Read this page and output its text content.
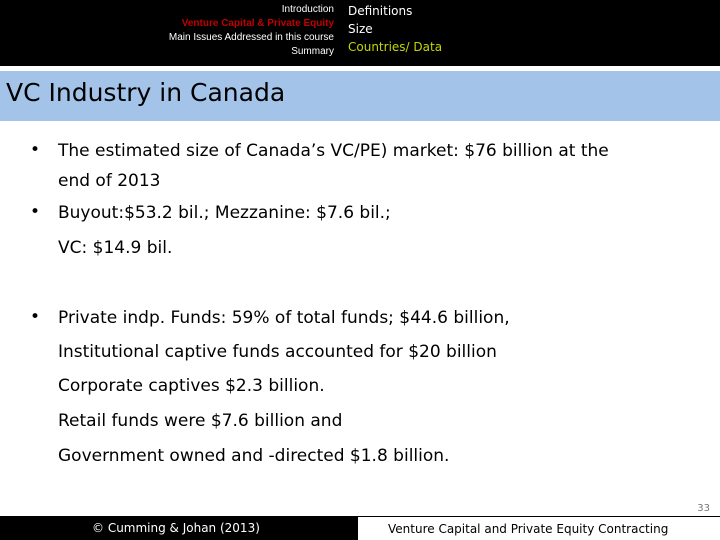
Introduction
Venture Capital & Private Equity
Main Issues Addressed in this course
Summary
Definitions
Size
Countries/ Data
VC Industry in Canada
• The estimated size of Canada’s VC/PE) market: $76 billion at the
end of 2013
• Buyout:$53.2 bil.; Mezzanine: $7.6 bil.;
VC: $14.9 bil.
• Private indp. Funds: 59% of total funds; $44.6 billion,
Institutional captive funds accounted for $20 billion
Corporate captives $2.3 billion.
Retail funds were $7.6 billion and
Government owned and -directed $1.8 billion.
33
© Cumming & Johan (2013)	Venture Capital and Private Equity Contracting
